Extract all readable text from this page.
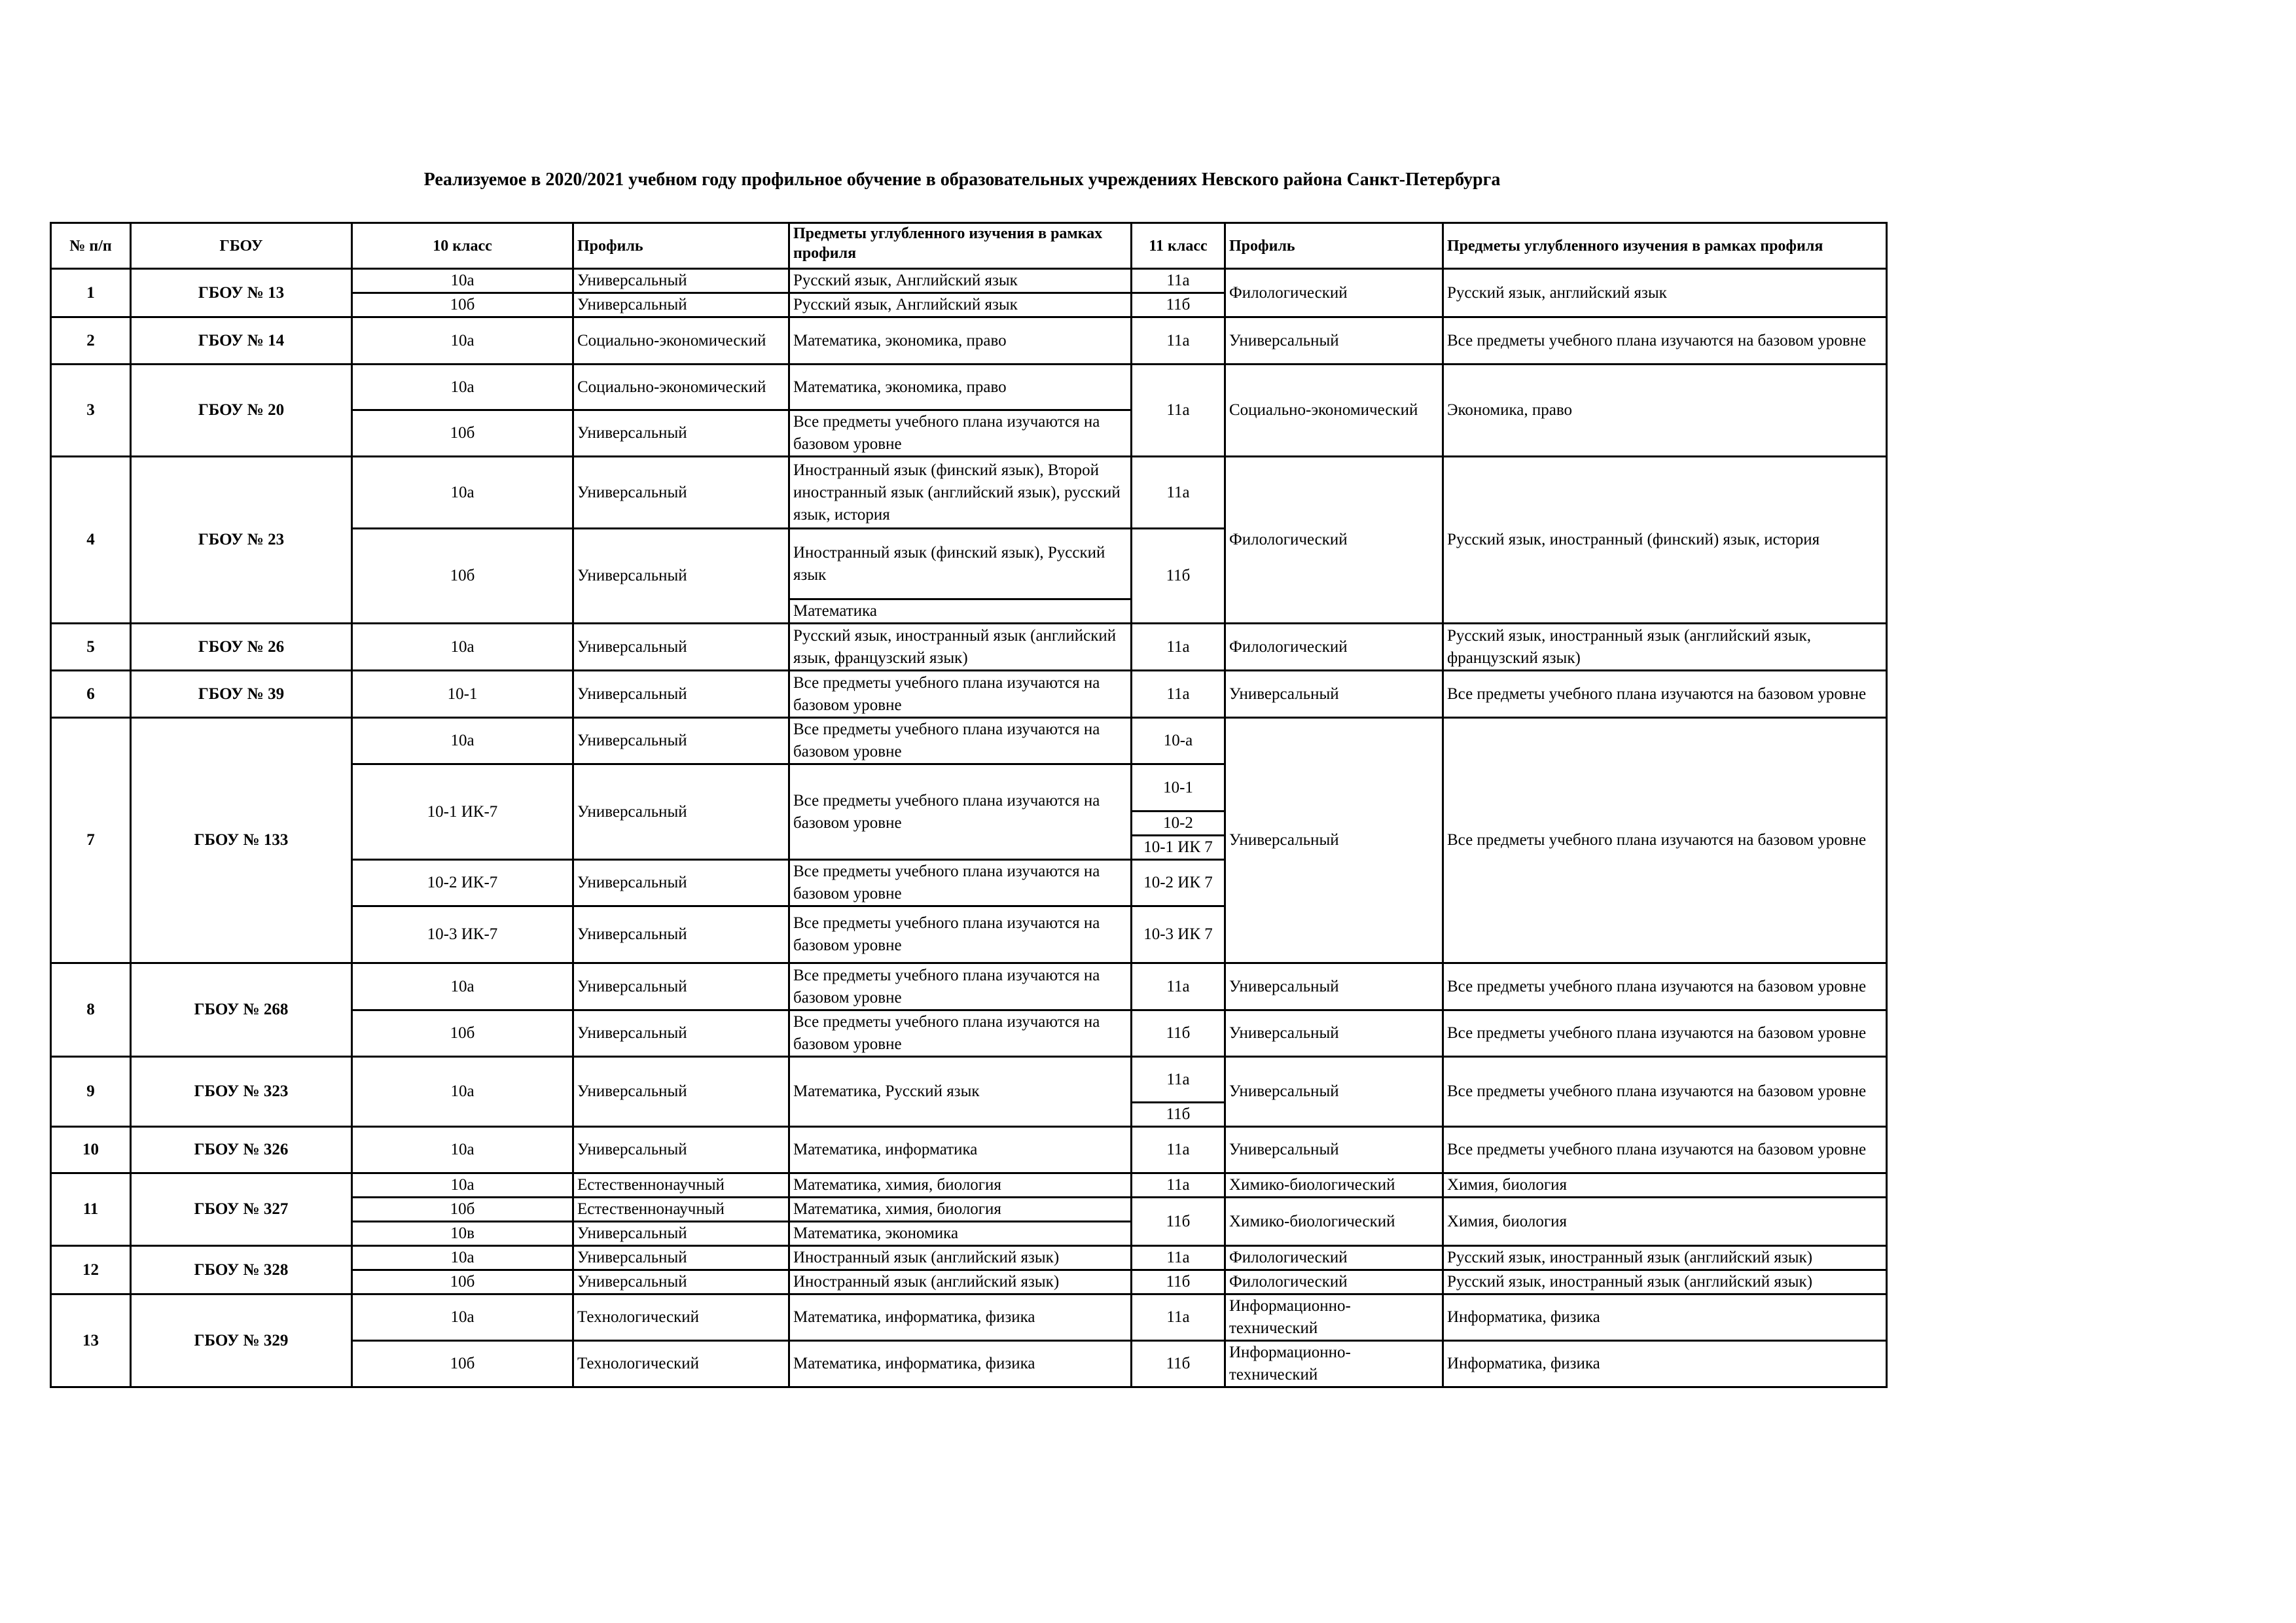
Реализуемое в 2020/2021 учебном году профильное обучение в образовательных учреждениях Невского района Санкт-Петербурга
№ п/п	ГБОУ	10 класс	Профиль	Предметы углубленного изучения в рамках профиля	11 класс	Профиль	Предметы углубленного изучения в рамках профиля
1	ГБОУ № 13	10а	Универсальный	Русский язык, Английский язык	11а	Филологический	Русский язык, английский язык
		10б	Универсальный	Русский язык, Английский язык	11б		
2	ГБОУ № 14	10а	Социально-экономический	Математика, экономика, право	11а	Универсальный	Все предметы учебного плана изучаются на базовом уровне
3	ГБОУ № 20	10а	Социально-экономический	Математика, экономика, право	11а	Социально-экономический	Экономика, право
		10б	Универсальный	Все предметы учебного плана изучаются на базовом уровне			
4	ГБОУ № 23	10а	Универсальный	Иностранный язык (финский язык), Второй иностранный язык (английский язык), русский язык, история	11а	Филологический	Русский язык, иностранный (финский) язык, история
		10б	Универсальный	Иностранный язык (финский язык), Русский язык	11б		
				Математика			
5	ГБОУ № 26	10а	Универсальный	Русский язык, иностранный язык (английский язык, французский язык)	11а	Филологический	Русский язык, иностранный язык (английский язык, французский язык)
6	ГБОУ № 39	10-1	Универсальный	Все предметы учебного плана изучаются на базовом уровне	11а	Универсальный	Все предметы учебного плана изучаются на базовом уровне
7	ГБОУ № 133	10а	Универсальный	Все предметы учебного плана изучаются на базовом уровне	10-а	Универсальный	Все предметы учебного плана изучаются на базовом уровне
		10-1 ИК-7	Универсальный	Все предметы учебного плана изучаются на базовом уровне	10-1		
					10-2		
					10-1 ИК 7		
		10-2 ИК-7	Универсальный	Все предметы учебного плана изучаются на базовом уровне	10-2 ИК 7		
		10-3 ИК-7	Универсальный	Все предметы учебного плана изучаются на базовом уровне	10-3 ИК 7		
8	ГБОУ № 268	10а	Универсальный	Все предметы учебного плана изучаются на базовом уровне	11а	Универсальный	Все предметы учебного плана изучаются на базовом уровне
		10б	Универсальный	Все предметы учебного плана изучаются на базовом уровне	11б	Универсальный	Все предметы учебного плана изучаются на базовом уровне
9	ГБОУ № 323	10а	Универсальный	Математика, Русский язык	11а	Универсальный	Все предметы учебного плана изучаются на базовом уровне
					11б		
10	ГБОУ № 326	10а	Универсальный	Математика, информатика	11а	Универсальный	Все предметы учебного плана изучаются на базовом уровне
11	ГБОУ № 327	10а	Естественнонаучный	Математика, химия, биология	11а	Химико-биологический	Химия, биология
		10б	Естественнонаучный	Математика, химия, биология	11б	Химико-биологический	Химия, биология
		10в	Универсальный	Математика, экономика			
12	ГБОУ № 328	10а	Универсальный	Иностранный язык (английский язык)	11а	Филологический	Русский язык, иностранный язык (английский язык)
		10б	Универсальный	Иностранный язык (английский язык)	11б	Филологический	Русский язык, иностранный язык (английский язык)
13	ГБОУ № 329	10а	Технологический	Математика, информатика, физика	11а	Информационно-технический	Информатика, физика
		10б	Технологический	Математика, информатика, физика	11б	Информационно-технический	Информатика, физика
